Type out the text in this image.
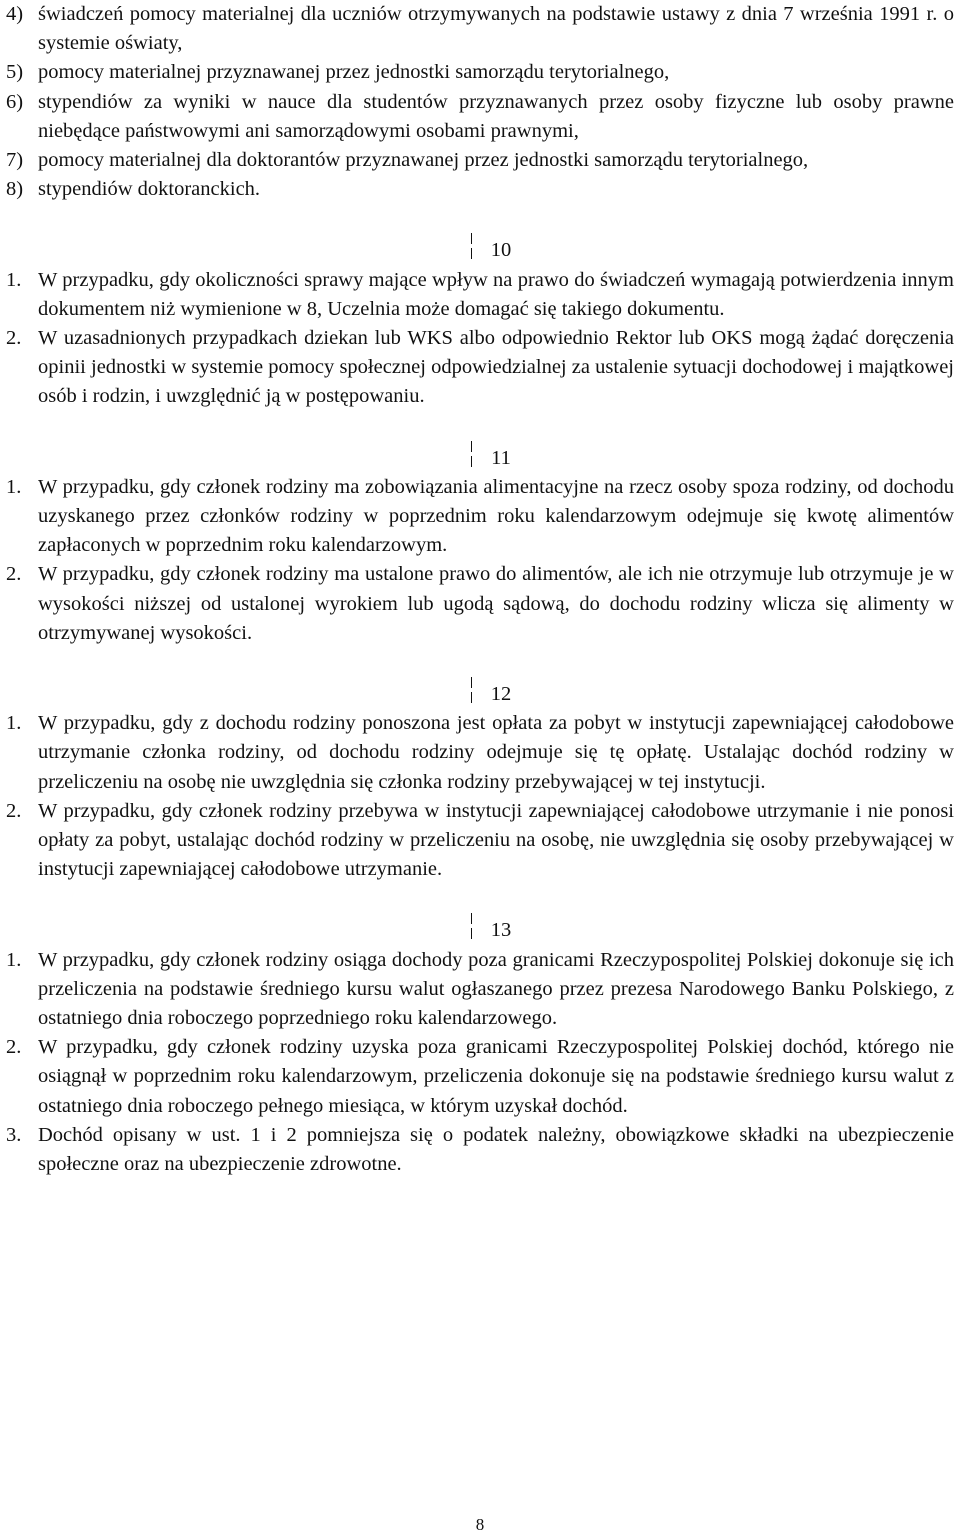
4) świadczeń pomocy materialnej dla uczniów otrzymywanych na podstawie ustawy z dnia 7 września 1991 r. o systemie oświaty,
5) pomocy materialnej przyznawanej przez jednostki samorządu terytorialnego,
6) stypendiów za wyniki w nauce dla studentów przyznawanych przez osoby fizyczne lub osoby prawne niebędące państwowymi ani samorządowymi osobami prawnymi,
7) pomocy materialnej dla doktorantów przyznawanej przez jednostki samorządu terytorialnego,
8) stypendiów doktoranckich.
10
1. W przypadku, gdy okoliczności sprawy mające wpływ na prawo do świadczeń wymagają potwierdzenia innym dokumentem niż wymienione w 8, Uczelnia może domagać się takiego dokumentu.
2. W uzasadnionych przypadkach dziekan lub WKS albo odpowiednio Rektor lub OKS mogą żądać doręczenia opinii jednostki w systemie pomocy społecznej odpowiedzialnej za ustalenie sytuacji dochodowej i majątkowej osób i rodzin, i uwzględnić ją w postępowaniu.
11
1. W przypadku, gdy członek rodziny ma zobowiązania alimentacyjne na rzecz osoby spoza rodziny, od dochodu uzyskanego przez członków rodziny w poprzednim roku kalendarzowym odejmuje się kwotę alimentów zapłaconych w poprzednim roku kalendarzowym.
2. W przypadku, gdy członek rodziny ma ustalone prawo do alimentów, ale ich nie otrzymuje lub otrzymuje je w wysokości niższej od ustalonej wyrokiem lub ugodą sądową, do dochodu rodziny wlicza się alimenty w otrzymywanej wysokości.
12
1. W przypadku, gdy z dochodu rodziny ponoszona jest opłata za pobyt w instytucji zapewniającej całodobowe utrzymanie członka rodziny, od dochodu rodziny odejmuje się tę opłatę. Ustalając dochód rodziny w przeliczeniu na osobę nie uwzględnia się członka rodziny przebywającej w tej instytucji.
2. W przypadku, gdy członek rodziny przebywa w instytucji zapewniającej całodobowe utrzymanie i nie ponosi opłaty za pobyt, ustalając dochód rodziny w przeliczeniu na osobę, nie uwzględnia się osoby przebywającej w instytucji zapewniającej całodobowe utrzymanie.
13
1. W przypadku, gdy członek rodziny osiąga dochody poza granicami Rzeczypospolitej Polskiej dokonuje się ich przeliczenia na podstawie średniego kursu walut ogłaszanego przez prezesa Narodowego Banku Polskiego, z ostatniego dnia roboczego poprzedniego roku kalendarzowego.
2. W przypadku, gdy członek rodziny uzyska poza granicami Rzeczypospolitej Polskiej dochód, którego nie osiągnął w poprzednim roku kalendarzowym, przeliczenia dokonuje się na podstawie średniego kursu walut z ostatniego dnia roboczego pełnego miesiąca, w którym uzyskał dochód.
3. Dochód opisany w ust. 1 i 2 pomniejsza się o podatek należny, obowiązkowe składki na ubezpieczenie społeczne oraz na ubezpieczenie zdrowotne.
8
